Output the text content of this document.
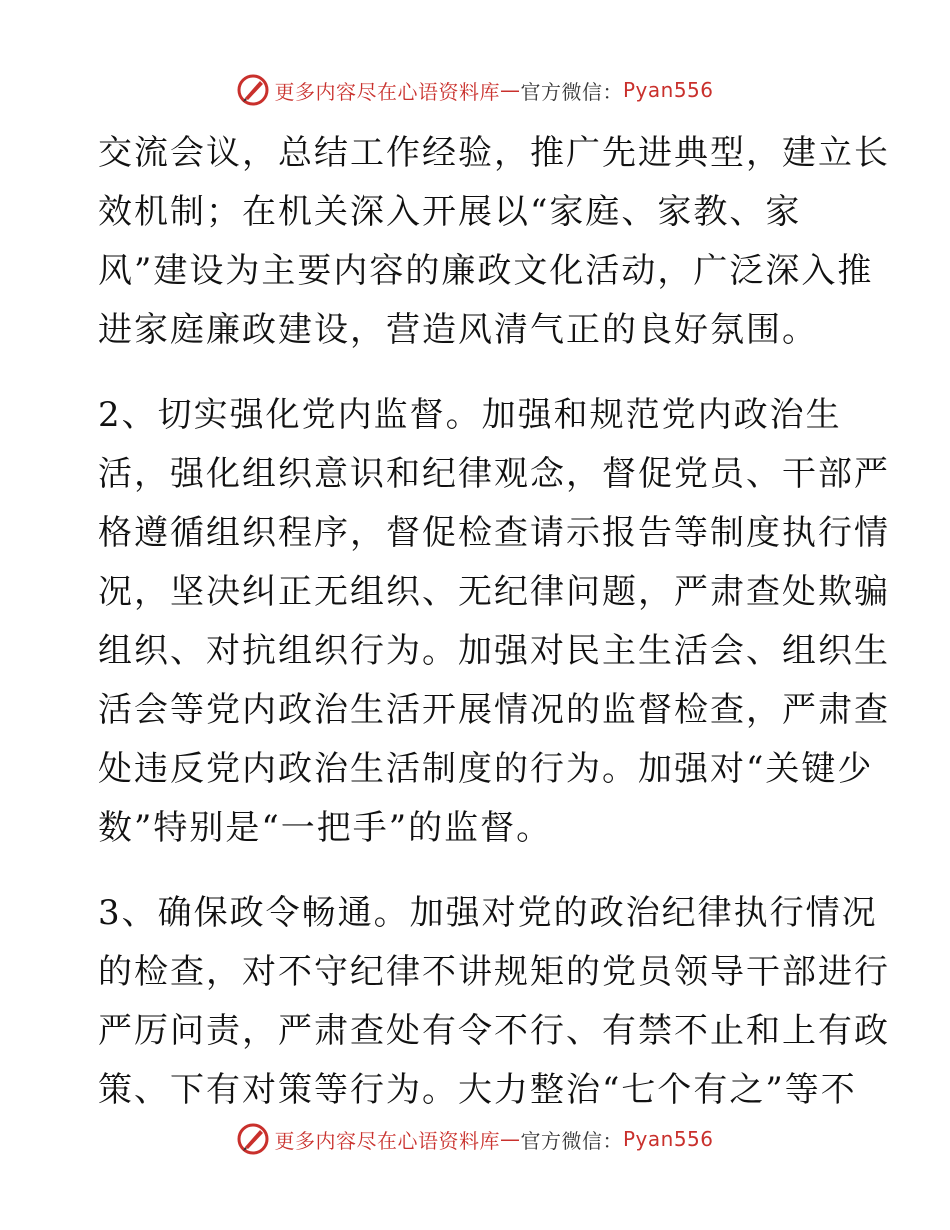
更多内容尽在心语资料库 — 官方微信： Pyan556
交流会议，总结工作经验，推广先进典型，建立长
效机制；在机关深入开展以“家庭、家教、家
风”建设为主要内容的廉政文化活动，广泛深入推
进家庭廉政建设，营造风清气正的良好氛围。
2、切实强化党内监督。加强和规范党内政治生
活，强化组织意识和纪律观念，督促党员、干部严
格遵循组织程序，督促检查请示报告等制度执行情
况，坚决纠正无组织、无纪律问题，严肃查处欺骗
组织、对抗组织行为。加强对民主生活会、组织生
活会等党内政治生活开展情况的监督检查，严肃查
处违反党内政治生活制度的行为。加强对“关键少
数”特别是“一把手”的监督。
3、确保政令畅通。加强对党的政治纪律执行情况
的检查，对不守纪律不讲规矩的党员领导干部进行
严厉问责，严肃查处有令不行、有禁不止和上有政
策、下有对策等行为。大力整治“七个有之”等不
更多内容尽在心语资料库 — 官方微信： Pyan556
